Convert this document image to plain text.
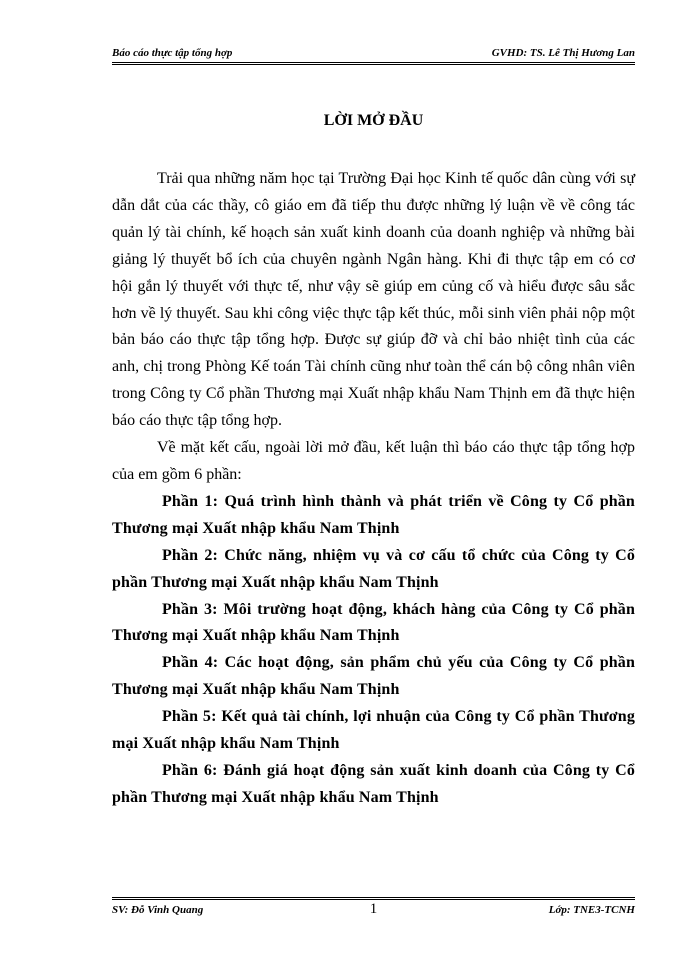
Báo cáo thực tập tổng hợp	GVHD: TS. Lê Thị Hương Lan
LỜI MỞ ĐẦU

Trải qua những năm học tại Trường Đại học Kinh tế quốc dân cùng với sự dẫn dắt của các thầy, cô giáo em đã tiếp thu được những lý luận về về công tác quản lý tài chính, kế hoạch sản xuất kinh doanh của doanh nghiệp và những bài giảng lý thuyết bổ ích của chuyên ngành Ngân hàng. Khi đi thực tập em có cơ hội gắn lý thuyết với thực tế, như vậy sẽ giúp em củng cố và hiểu được sâu sắc hơn về lý thuyết. Sau khi công việc thực tập kết thúc, mỗi sinh viên phải nộp một bản báo cáo thực tập tổng hợp. Được sự giúp đỡ và chỉ bảo nhiệt tình của các anh, chị trong Phòng Kế toán Tài chính cũng như toàn thể cán bộ công nhân viên trong Công ty Cổ phần Thương mại Xuất nhập khẩu Nam Thịnh em đã thực hiện báo cáo thực tập tổng hợp.

Về mặt kết cấu, ngoài lời mở đầu, kết luận thì báo cáo thực tập tổng hợp của em gồm 6 phần:

Phần 1: Quá trình hình thành và phát triển về Công ty Cổ phần Thương mại Xuất nhập khẩu Nam Thịnh

Phần 2: Chức năng, nhiệm vụ và cơ cấu tổ chức của Công ty Cổ phần Thương mại Xuất nhập khẩu Nam Thịnh

Phần 3: Môi trường hoạt động, khách hàng của Công ty Cổ phần Thương mại Xuất nhập khẩu Nam Thịnh

Phần 4: Các hoạt động, sản phẩm chủ yếu của Công ty Cổ phần Thương mại Xuất nhập khẩu Nam Thịnh

Phần 5: Kết quả tài chính, lợi nhuận của Công ty Cổ phần Thương mại Xuất nhập khẩu Nam Thịnh

Phần 6: Đánh giá hoạt động sản xuất kinh doanh của Công ty Cổ phần Thương mại Xuất nhập khẩu Nam Thịnh

SV: Đỗ Vinh Quang	1	Lớp: TNE3-TCNH
